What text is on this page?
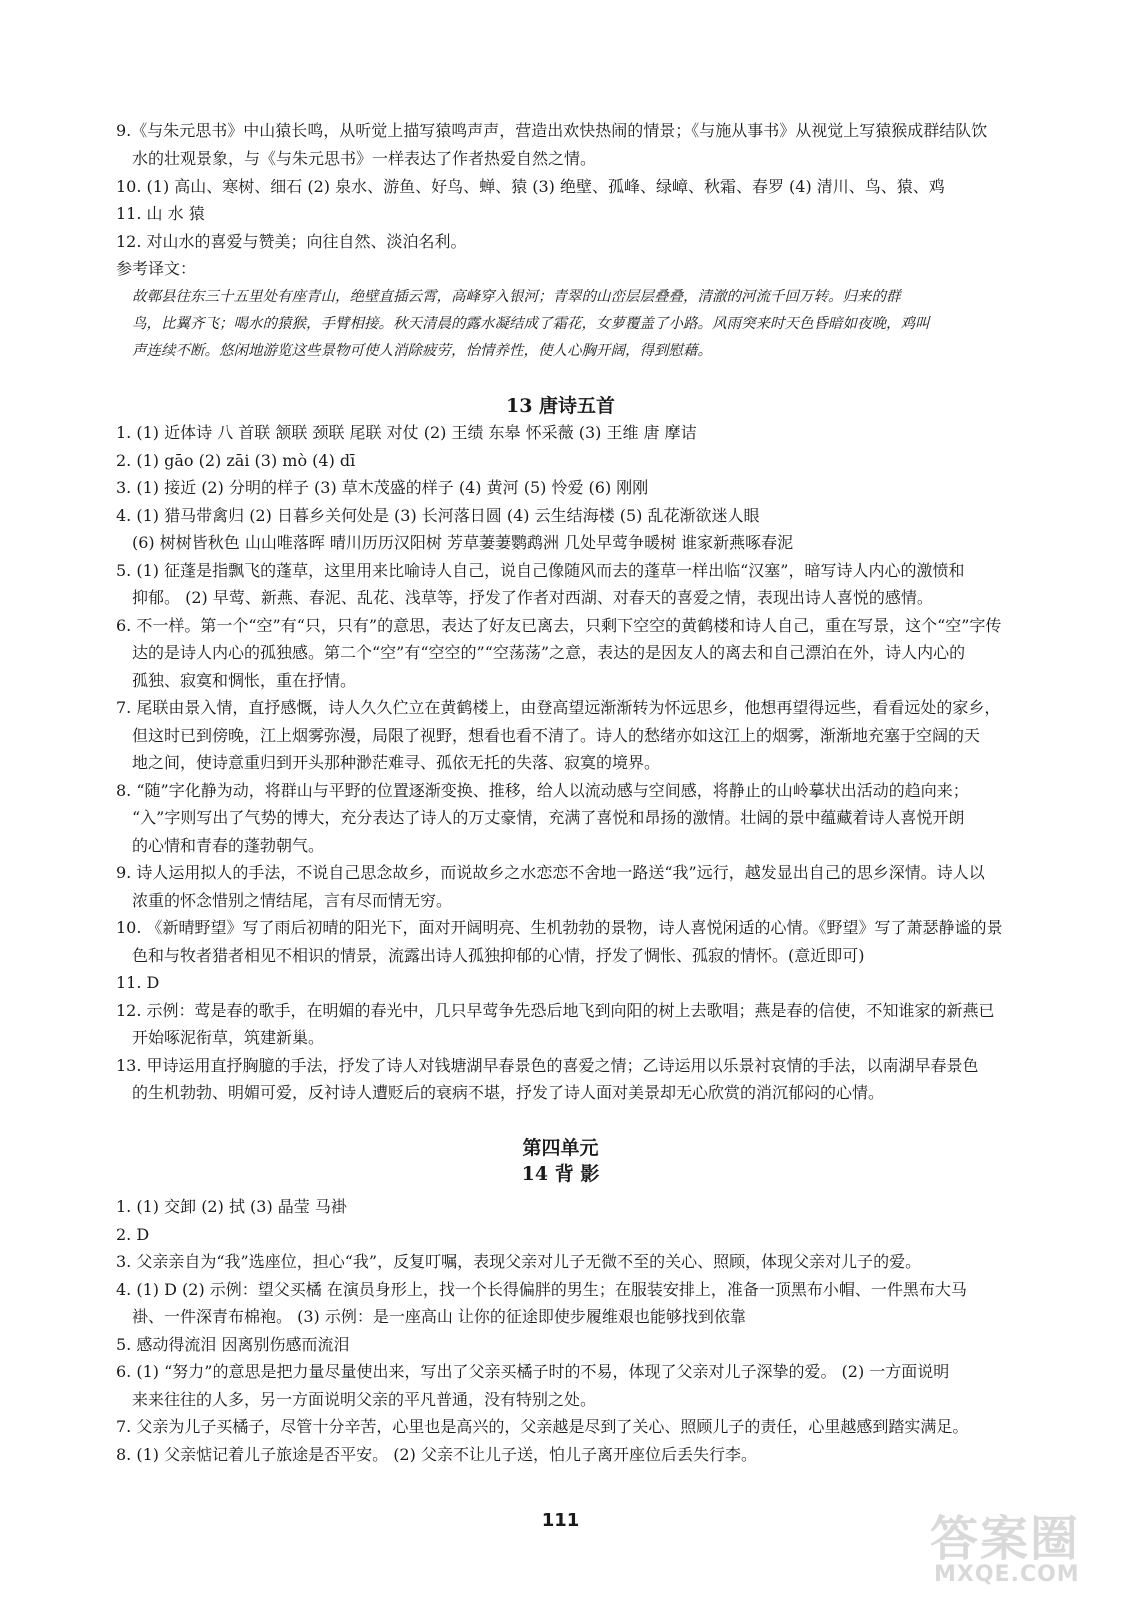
9.《与朱元思书》中山猿长鸣，从听觉上描写猿鸣声声，营造出欢快热闹的情景；《与施从事书》从视觉上写猿猴成群结队饮
水的壮观景象，与《与朱元思书》一样表达了作者热爱自然之情。
10. (1) 高山、寒树、细石 (2) 泉水、游鱼、好鸟、蝉、猿 (3) 绝壁、孤峰、绿嶂、秋霜、春罗 (4) 清川、鸟、猿、鸡
11. 山 水 猿
12. 对山水的喜爱与赞美；向往自然、淡泊名利。
参考译文：
故鄣县往东三十五里处有座青山，绝壁直插云霄，高峰穿入银河；青翠的山峦层层叠叠，清澈的河流千回万转。归来的群
鸟，比翼齐飞；喝水的猿猴，手臂相接。秋天清晨的露水凝结成了霜花，女萝覆盖了小路。风雨突来时天色昏暗如夜晚，鸡叫
声连续不断。悠闲地游览这些景物可使人消除疲劳，怡情养性，使人心胸开阔，得到慰藉。
13 唐诗五首
1. (1) 近体诗 八 首联 颔联 颈联 尾联 对仗 (2) 王绩 东皋 怀采薇 (3) 王维 唐 摩诘
2. (1) gāo (2) zāi (3) mò (4) dī
3. (1) 接近 (2) 分明的样子 (3) 草木茂盛的样子 (4) 黄河 (5) 怜爱 (6) 刚刚
4. (1) 猎马带禽归 (2) 日暮乡关何处是 (3) 长河落日圆 (4) 云生结海楼 (5) 乱花渐欲迷人眼
(6) 树树皆秋色 山山唯落晖 晴川历历汉阳树 芳草萋萋鹦鹉洲 几处早莺争暖树 谁家新燕啄春泥
5. (1) 征蓬是指飘飞的蓬草，这里用来比喻诗人自己，说自己像随风而去的蓬草一样出临“汉塞”，暗写诗人内心的激愤和
抑郁。 (2) 早莺、新燕、春泥、乱花、浅草等，抒发了作者对西湖、对春天的喜爱之情，表现出诗人喜悦的感情。
6. 不一样。第一个“空”有“只，只有”的意思，表达了好友已离去，只剩下空空的黄鹤楼和诗人自己，重在写景，这个“空”字传
达的是诗人内心的孤独感。第二个“空”有“空空的”“空荡荡”之意，表达的是因友人的离去和自己漂泊在外，诗人内心的
孤独、寂寞和惆怅，重在抒情。
7. 尾联由景入情，直抒感慨，诗人久久伫立在黄鹤楼上，由登高望远渐渐转为怀远思乡，他想再望得远些，看看远处的家乡，
但这时已到傍晚，江上烟雾弥漫，局限了视野，想看也看不清了。诗人的愁绪亦如这江上的烟雾，渐渐地充塞于空阔的天
地之间，使诗意重归到开头那种渺茫难寻、孤依无托的失落、寂寞的境界。
8. “随”字化静为动，将群山与平野的位置逐渐变换、推移，给人以流动感与空间感，将静止的山岭摹状出活动的趋向来；
“入”字则写出了气势的博大，充分表达了诗人的万丈豪情，充满了喜悦和昂扬的激情。壮阔的景中蕴藏着诗人喜悦开朗
的心情和青春的蓬勃朝气。
9. 诗人运用拟人的手法，不说自己思念故乡，而说故乡之水恋恋不舍地一路送“我”远行，越发显出自己的思乡深情。诗人以
浓重的怀念惜别之情结尾，言有尽而情无穷。
10. 《新晴野望》写了雨后初晴的阳光下，面对开阔明亮、生机勃勃的景物，诗人喜悦闲适的心情。《野望》写了萧瑟静谧的景
色和与牧者猎者相见不相识的情景，流露出诗人孤独抑郁的心情，抒发了惆怅、孤寂的情怀。(意近即可)
11. D
12. 示例：莺是春的歌手，在明媚的春光中，几只早莺争先恐后地飞到向阳的树上去歌唱；燕是春的信使，不知谁家的新燕已
开始啄泥衔草，筑建新巢。
13. 甲诗运用直抒胸臆的手法，抒发了诗人对钱塘湖早春景色的喜爱之情；乙诗运用以乐景衬哀情的手法，以南湖早春景色
的生机勃勃、明媚可爱，反衬诗人遭贬后的衰病不堪，抒发了诗人面对美景却无心欣赏的消沉郁闷的心情。
第四单元
14 背 影
1. (1) 交卸 (2) 拭 (3) 晶莹 马褂
2. D
3. 父亲亲自为“我”选座位，担心“我”，反复叮嘱，表现父亲对儿子无微不至的关心、照顾，体现父亲对儿子的爱。
4. (1) D (2) 示例：望父买橘 在演员身形上，找一个长得偏胖的男生；在服装安排上，准备一顶黑布小帽、一件黑布大马
褂、一件深青布棉袍。 (3) 示例：是一座高山 让你的征途即使步履维艰也能够找到依靠
5. 感动得流泪 因离别伤感而流泪
6. (1) “努力”的意思是把力量尽量使出来，写出了父亲买橘子时的不易，体现了父亲对儿子深挚的爱。 (2) 一方面说明
来来往往的人多，另一方面说明父亲的平凡普通，没有特别之处。
7. 父亲为儿子买橘子，尽管十分辛苦，心里也是高兴的，父亲越是尽到了关心、照顾儿子的责任，心里越感到踏实满足。
8. (1) 父亲惦记着儿子旅途是否平安。 (2) 父亲不让儿子送，怕儿子离开座位后丢失行李。
111	答案圈
MXQE.COM
